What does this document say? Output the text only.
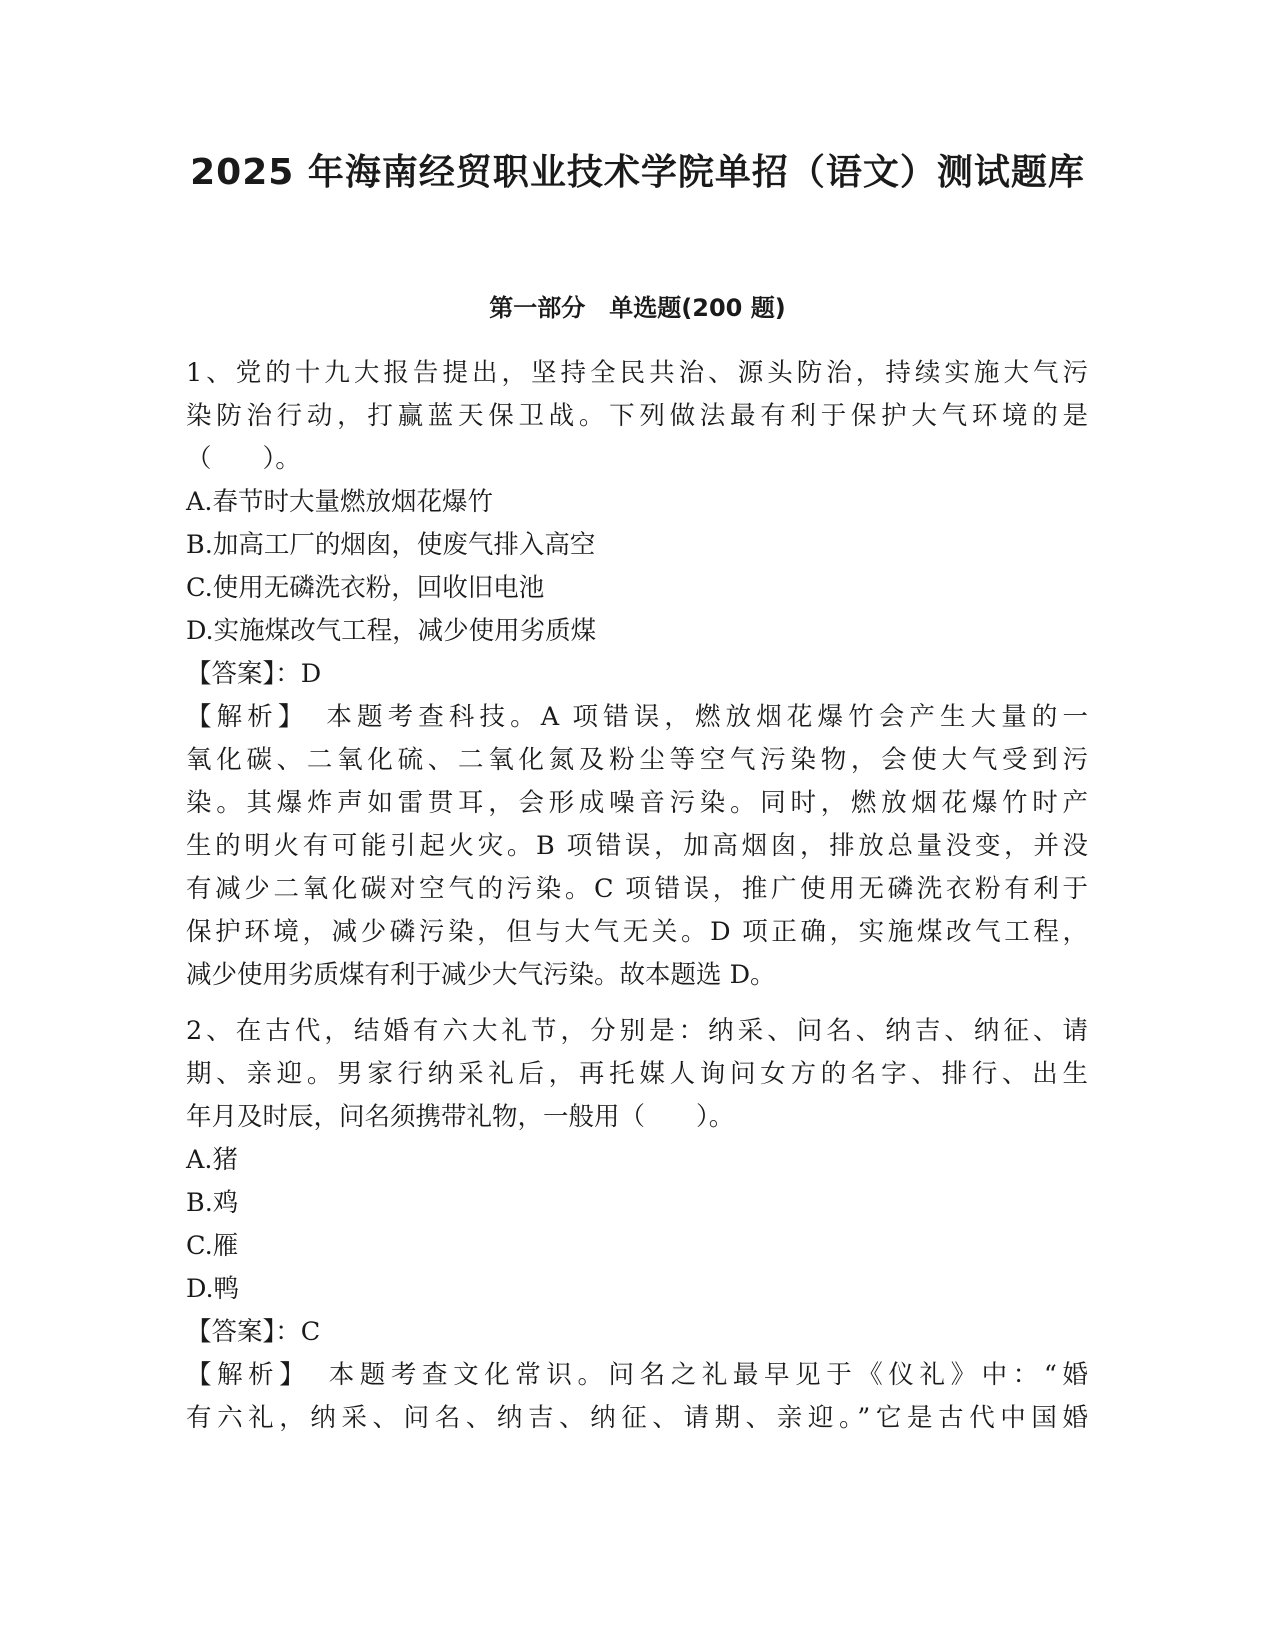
2025 年海南经贸职业技术学院单招（语文）测试题库
第一部分　单选题(200 题)
1、党的十九大报告提出，坚持全民共治、源头防治，持续实施大气污
染防治行动，打赢蓝天保卫战。下列做法最有利于保护大气环境的是
（　　）。
A.春节时大量燃放烟花爆竹
B.加高工厂的烟囱，使废气排入高空
C.使用无磷洗衣粉，回收旧电池
D.实施煤改气工程，减少使用劣质煤
【答案】：D
【解析】　本题考查科技。A 项错误，燃放烟花爆竹会产生大量的一
氧化碳、二氧化硫、二氧化氮及粉尘等空气污染物，会使大气受到污
染。其爆炸声如雷贯耳，会形成噪音污染。同时，燃放烟花爆竹时产
生的明火有可能引起火灾。B 项错误，加高烟囱，排放总量没变，并没
有减少二氧化碳对空气的污染。C 项错误，推广使用无磷洗衣粉有利于
保护环境，减少磷污染，但与大气无关。D 项正确，实施煤改气工程，
减少使用劣质煤有利于减少大气污染。故本题选 D。
2、在古代，结婚有六大礼节，分别是：纳采、问名、纳吉、纳征、请
期、亲迎。男家行纳采礼后，再托媒人询问女方的名字、排行、出生
年月及时辰，问名须携带礼物，一般用（　　）。
A.猪
B.鸡
C.雁
D.鸭
【答案】：C
【解析】　本题考查文化常识。问名之礼最早见于《仪礼》中：“婚
有六礼，纳采、问名、纳吉、纳征、请期、亲迎。”它是古代中国婚
